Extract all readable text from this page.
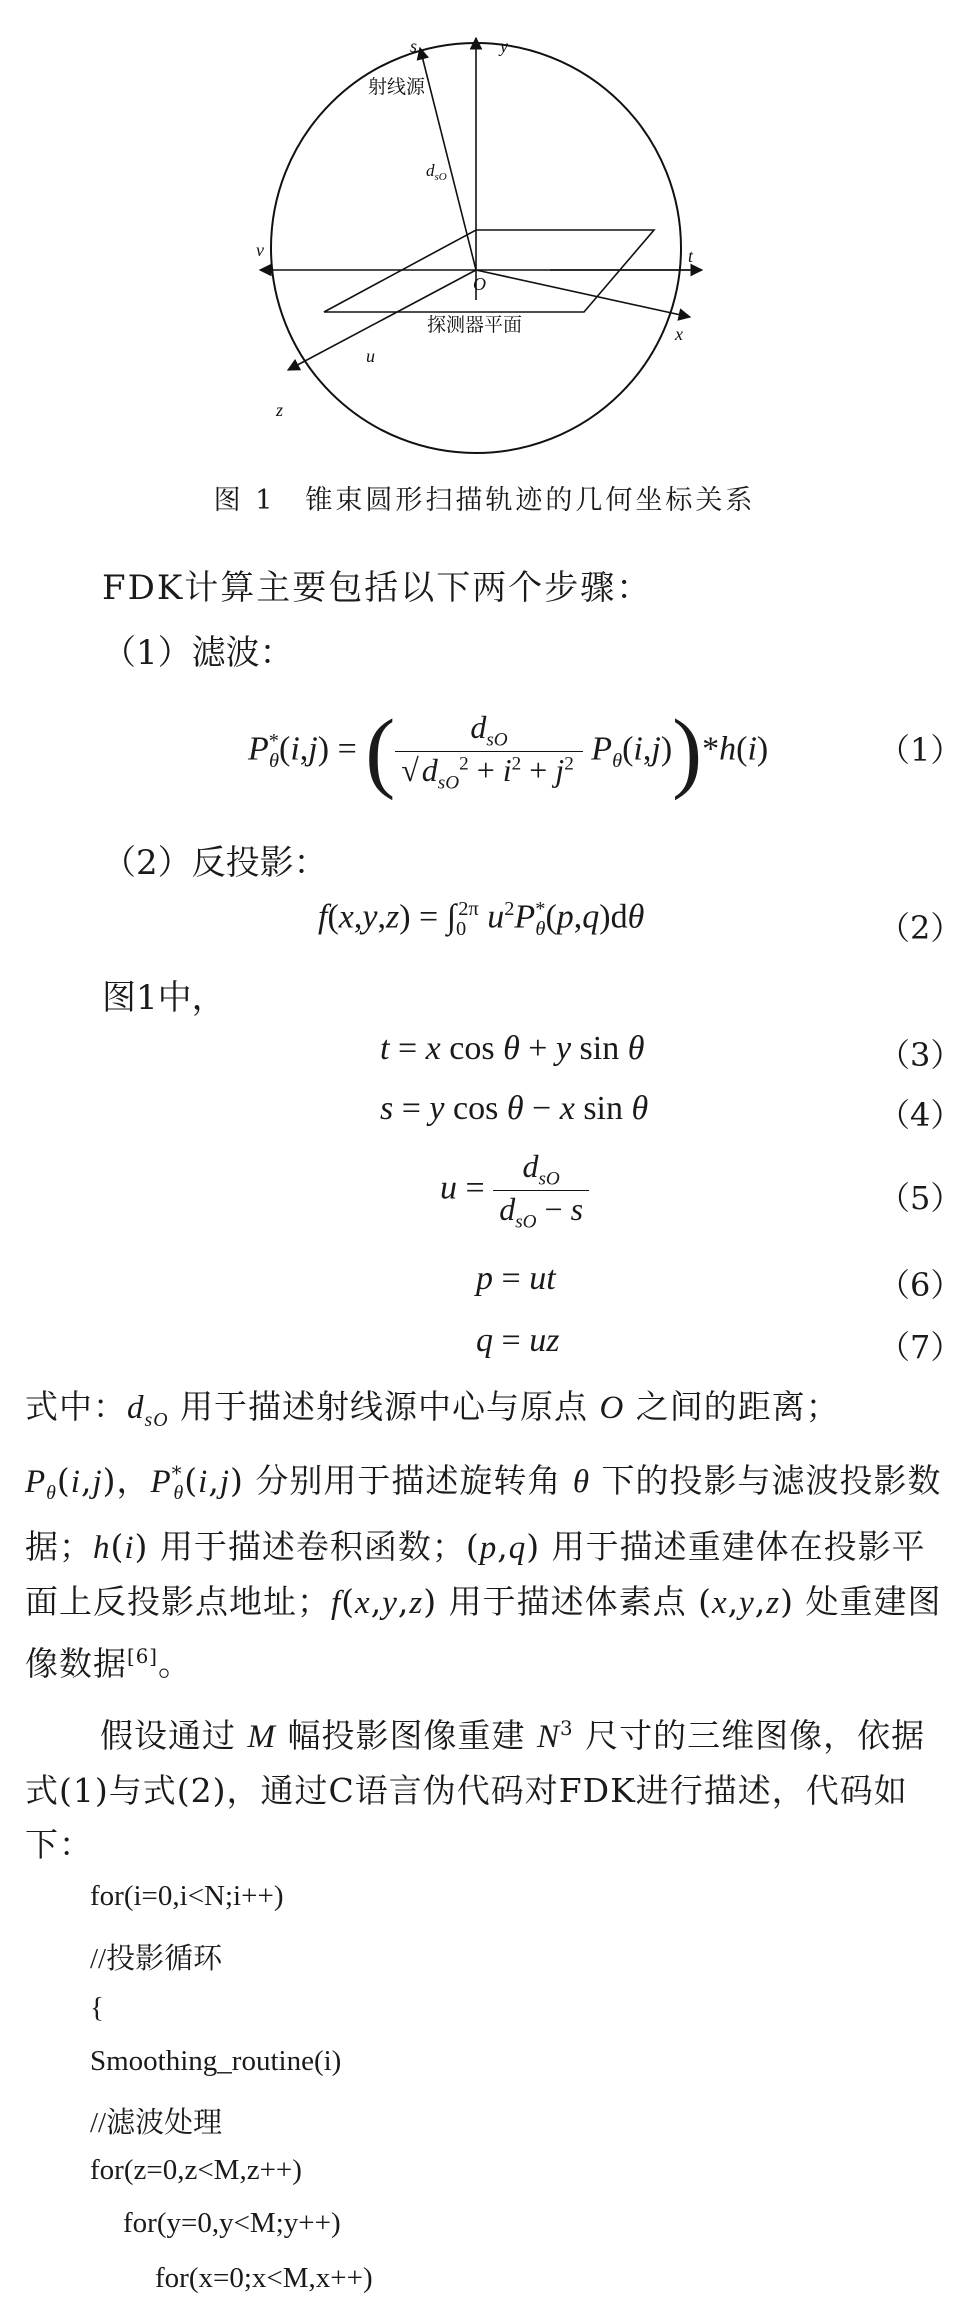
s	y
射线源
$d_{sO}$
v	t
O
x
探测器平面
u
z
图 1　锥束圆形扫描轨迹的几何坐标关系
FDK计算主要包括以下两个步骤：
（1）滤波：
$P^*_\theta(i,j)$ = ( $\frac{d_{sO}}{√d_{sO}^2 + i^2 + j^2} P_\theta(i,j))*h(i)$	（1）
（2）反投影：
$f(x,y,z) = \int_0^{2\pi}$ $u^2P^*_\theta(p,q)d\theta$	（2）
图1中，
t = x cos θ + y sin θ	（3）
s = y cos θ − x sin θ	（4）
$u = \frac{d_{sO}}{d_{sO} - s}$	（5）
p = ut	（6）
q = uz	（7）
式中：$d_{sO}$ 用于描述射线源中心与原点 O 之间的距离； $P_\theta(i,j)$，$P^*_\theta(i,j)$ 分别用于描述旋转角 θ 下的投影与滤波投影数据；h(i) 用于描述卷积函数；(p,q) 用于描述重建体在投影平面上反投影点地址；f(x,y,z) 用于描述体素点 (x,y,z) 处重建图像数据[6]。
假设通过 M 幅投影图像重建 $N^3$ 尺寸的三维图像，依据式(1)与式(2)，通过C语言伪代码对FDK进行描述，代码如下：
for(i=0,i<N;i++)
//投影循环
{
Smoothing_routine(i)
//滤波处理
for(z=0,z<M,z++)
for(y=0,y<M;y++)
for(x=0;x<M,x++)
